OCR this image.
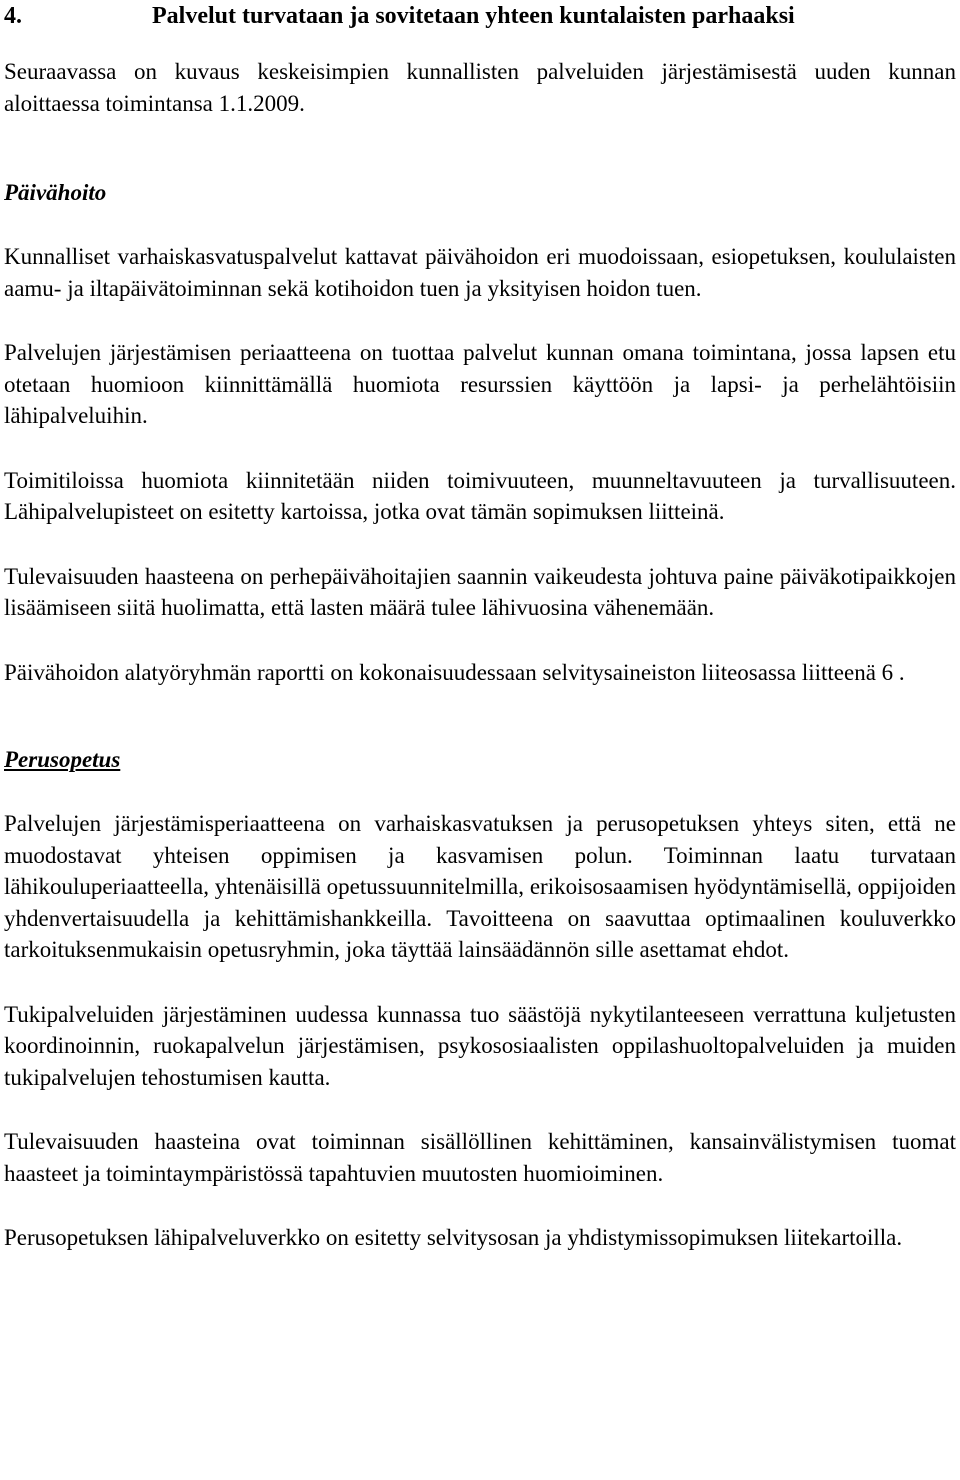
4.	Palvelut turvataan ja sovitetaan yhteen kuntalaisten parhaaksi

Seuraavassa on kuvaus keskeisimpien kunnallisten palveluiden järjestämisestä uuden kunnan aloittaessa toimintansa 1.1.2009.

Päivähoito

Kunnalliset varhaiskasvatuspalvelut kattavat päivähoidon eri muodoissaan, esiopetuksen, koululaisten aamu- ja iltapäivätoiminnan sekä kotihoidon tuen ja yksityisen hoidon tuen.

Palvelujen järjestämisen periaatteena on tuottaa palvelut kunnan omana toimintana, jossa lapsen etu otetaan huomioon kiinnittämällä huomiota resurssien käyttöön ja lapsi- ja perhelähtöisiin lähipalveluihin.

Toimitiloissa huomiota kiinnitetään niiden toimivuuteen, muunneltavuuteen ja turvallisuuteen. Lähipalvelupisteet on esitetty kartoissa, jotka ovat tämän sopimuksen liitteinä.

Tulevaisuuden haasteena on perhepäivähoitajien saannin vaikeudesta johtuva paine päiväkotipaikkojen lisäämiseen siitä huolimatta, että lasten määrä tulee lähivuosina vähenemään.

Päivähoidon alatyöryhmän raportti on kokonaisuudessaan selvitysaineiston liiteosassa liitteenä 6 .

Perusopetus

Palvelujen järjestämisperiaatteena on varhaiskasvatuksen ja perusopetuksen yhteys siten, että ne muodostavat yhteisen oppimisen ja kasvamisen polun. Toiminnan laatu turvataan lähikouluperiaatteella, yhtenäisillä opetussuunnitelmilla, erikoisosaamisen hyödyntämisellä, oppijoiden yhdenvertaisuudella ja kehittämishankkeilla. Tavoitteena on saavuttaa optimaalinen kouluverkko tarkoituksenmukaisin opetusryhmin, joka täyttää lainsäädännön sille asettamat ehdot.

Tukipalveluiden järjestäminen uudessa kunnassa tuo säästöjä nykytilanteeseen verrattuna kuljetusten koordinoinnin, ruokapalvelun järjestämisen, psykososiaalisten oppilashuoltopalveluiden ja muiden tukipalvelujen tehostumisen kautta.

Tulevaisuuden haasteina ovat toiminnan sisällöllinen kehittäminen, kansainvälistymisen tuomat haasteet ja toimintaympäristössä tapahtuvien muutosten huomioiminen.

Perusopetuksen lähipalveluverkko on esitetty selvitysosan ja yhdistymissopimuksen liitekartoilla.
